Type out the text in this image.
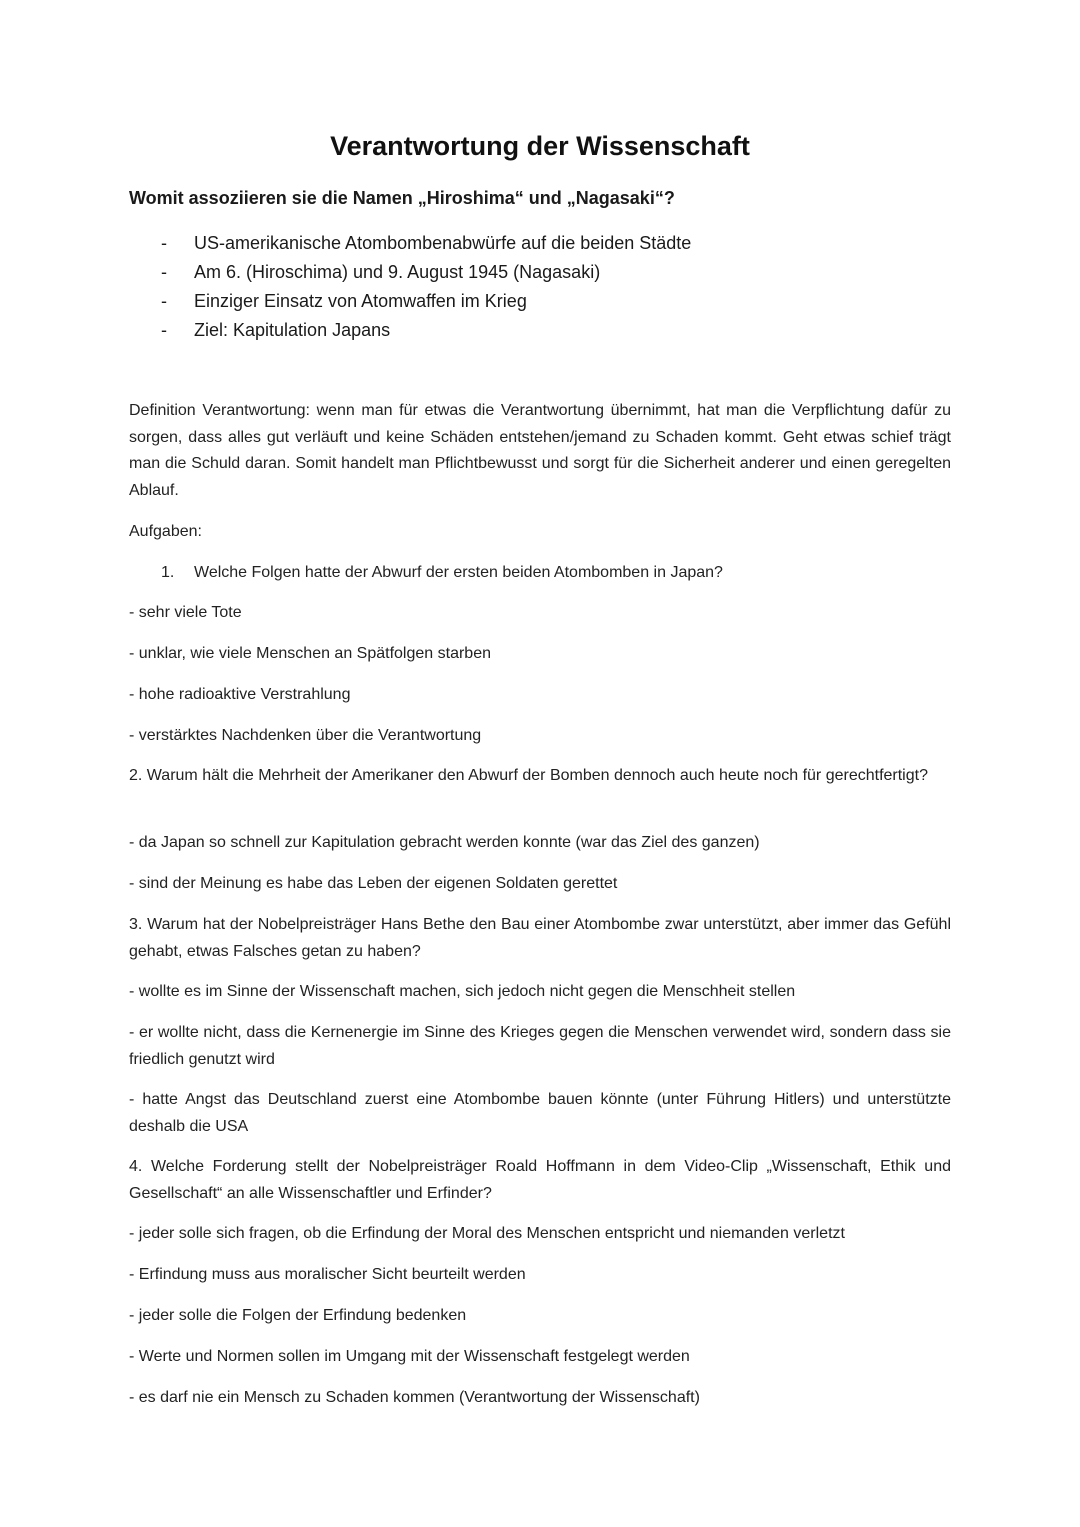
Verantwortung der Wissenschaft
Womit assoziieren sie die Namen „Hiroshima“ und „Nagasaki“?
- US-amerikanische Atombombenabwürfe auf die beiden Städte
- Am 6. (Hiroschima) und 9. August 1945 (Nagasaki)
- Einziger Einsatz von Atomwaffen im Krieg
- Ziel: Kapitulation Japans

Definition Verantwortung: wenn man für etwas die Verantwortung übernimmt, hat man die Verpflichtung dafür zu sorgen, dass alles gut verläuft und keine Schäden entstehen/jemand zu Schaden kommt. Geht etwas schief trägt man die Schuld daran. Somit handelt man Pflichtbewusst und sorgt für die Sicherheit anderer und einen geregelten Ablauf.

Aufgaben:

1. Welche Folgen hatte der Abwurf der ersten beiden Atombomben in Japan?

- sehr viele Tote

- unklar, wie viele Menschen an Spätfolgen starben

- hohe radioaktive Verstrahlung

- verstärktes Nachdenken über die Verantwortung

2. Warum hält die Mehrheit der Amerikaner den Abwurf der Bomben dennoch auch heute noch für gerechtfertigt?

- da Japan so schnell zur Kapitulation gebracht werden konnte (war das Ziel des ganzen)

- sind der Meinung es habe das Leben der eigenen Soldaten gerettet

3. Warum hat der Nobelpreisträger Hans Bethe den Bau einer Atombombe zwar unterstützt, aber immer das Gefühl gehabt, etwas Falsches getan zu haben?

- wollte es im Sinne der Wissenschaft machen, sich jedoch nicht gegen die Menschheit stellen

- er wollte nicht, dass die Kernenergie im Sinne des Krieges gegen die Menschen verwendet wird, sondern dass sie friedlich genutzt wird

- hatte Angst das Deutschland zuerst eine Atombombe bauen könnte (unter Führung Hitlers) und unterstützte deshalb die USA

4. Welche Forderung stellt der Nobelpreisträger Roald Hoffmann in dem Video-Clip „Wissenschaft, Ethik und Gesellschaft“ an alle Wissenschaftler und Erfinder?

- jeder solle sich fragen, ob die Erfindung der Moral des Menschen entspricht und niemanden verletzt

- Erfindung muss aus moralischer Sicht beurteilt werden

- jeder solle die Folgen der Erfindung bedenken

- Werte und Normen sollen im Umgang mit der Wissenschaft festgelegt werden

- es darf nie ein Mensch zu Schaden kommen (Verantwortung der Wissenschaft)
